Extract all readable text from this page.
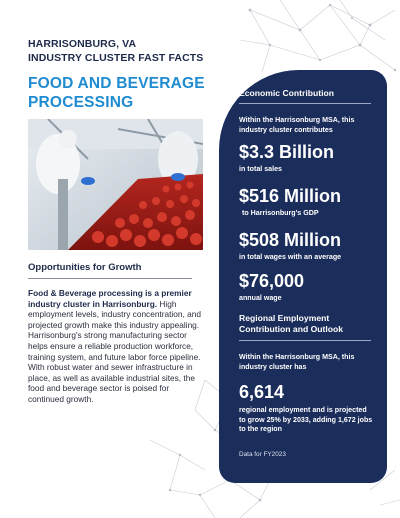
HARRISONBURG, VA
INDUSTRY CLUSTER FAST FACTS
FOOD AND BEVERAGE
PROCESSING
Opportunities for Growth
Food & Beverage processing is a premier industry cluster in Harrisonburg. High employment levels, industry concentration, and projected growth make this industry appealing. Harrisonburg's strong manufacturing sector helps ensure a reliable production workforce, training system, and future labor force pipeline. With robust water and sewer infrastructure in place, as well as available industrial sites, the food and beverage sector is poised for continued growth.
Economic Contribution
Within the Harrisonburg MSA, this industry cluster contributes
$3.3 Billion
in total sales
$516 Million
to Harrisonburg's GDP
$508 Million
in total wages with an average
$76,000
annual wage
Regional Employment
Contribution and Outlook
Within the Harrisonburg MSA, this industry cluster has
6,614
regional employment and is projected to grow 25% by 2033, adding 1,672 jobs to the region
Data for FY2023
